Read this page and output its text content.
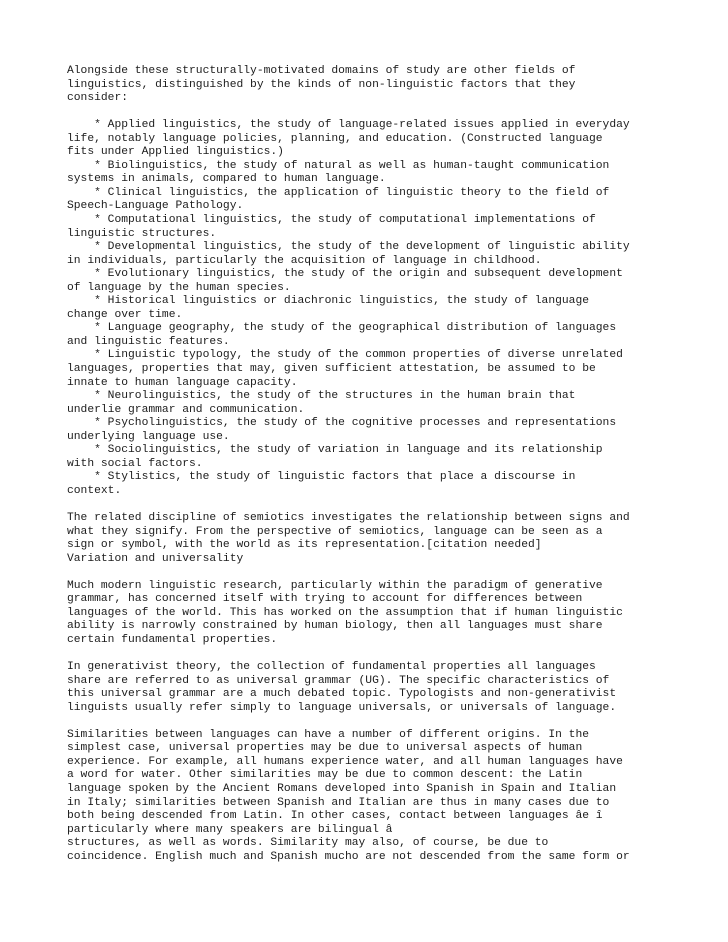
Alongside these structurally-motivated domains of study are other fields of
linguistics, distinguished by the kinds of non-linguistic factors that they
consider:

* Applied linguistics, the study of language-related issues applied in everyday
life, notably language policies, planning, and education. (Constructed language
fits under Applied linguistics.)
* Biolinguistics, the study of natural as well as human-taught communication
systems in animals, compared to human language.
* Clinical linguistics, the application of linguistic theory to the field of
Speech-Language Pathology.
* Computational linguistics, the study of computational implementations of
linguistic structures.
* Developmental linguistics, the study of the development of linguistic ability
in individuals, particularly the acquisition of language in childhood.
* Evolutionary linguistics, the study of the origin and subsequent development
of language by the human species.
* Historical linguistics or diachronic linguistics, the study of language
change over time.
* Language geography, the study of the geographical distribution of languages
and linguistic features.
* Linguistic typology, the study of the common properties of diverse unrelated
languages, properties that may, given sufficient attestation, be assumed to be
innate to human language capacity.
* Neurolinguistics, the study of the structures in the human brain that
underlie grammar and communication.
* Psycholinguistics, the study of the cognitive processes and representations
underlying language use.
* Sociolinguistics, the study of variation in language and its relationship
with social factors.
* Stylistics, the study of linguistic factors that place a discourse in
context.

The related discipline of semiotics investigates the relationship between signs and
what they signify. From the perspective of semiotics, language can be seen as a
sign or symbol, with the world as its representation.[citation needed]
Variation and universality

Much modern linguistic research, particularly within the paradigm of generative
grammar, has concerned itself with trying to account for differences between
languages of the world. This has worked on the assumption that if human linguistic
ability is narrowly constrained by human biology, then all languages must share
certain fundamental properties.

In generativist theory, the collection of fundamental properties all languages
share are referred to as universal grammar (UG). The specific characteristics of
this universal grammar are a much debated topic. Typologists and non-generativist
linguists usually refer simply to language universals, or universals of language.

Similarities between languages can have a number of different origins. In the
simplest case, universal properties may be due to universal aspects of human
experience. For example, all humans experience water, and all human languages have
a word for water. Other similarities may be due to common descent: the Latin
language spoken by the Ancient Romans developed into Spanish in Spain and Italian
in Italy; similarities between Spanish and Italian are thus in many cases due to
both being descended from Latin. In other cases, contact between languages âe î
particularly where many speakers are bilingual â
structures, as well as words. Similarity may also, of course, be due to
coincidence. English much and Spanish mucho are not descended from the same form or
